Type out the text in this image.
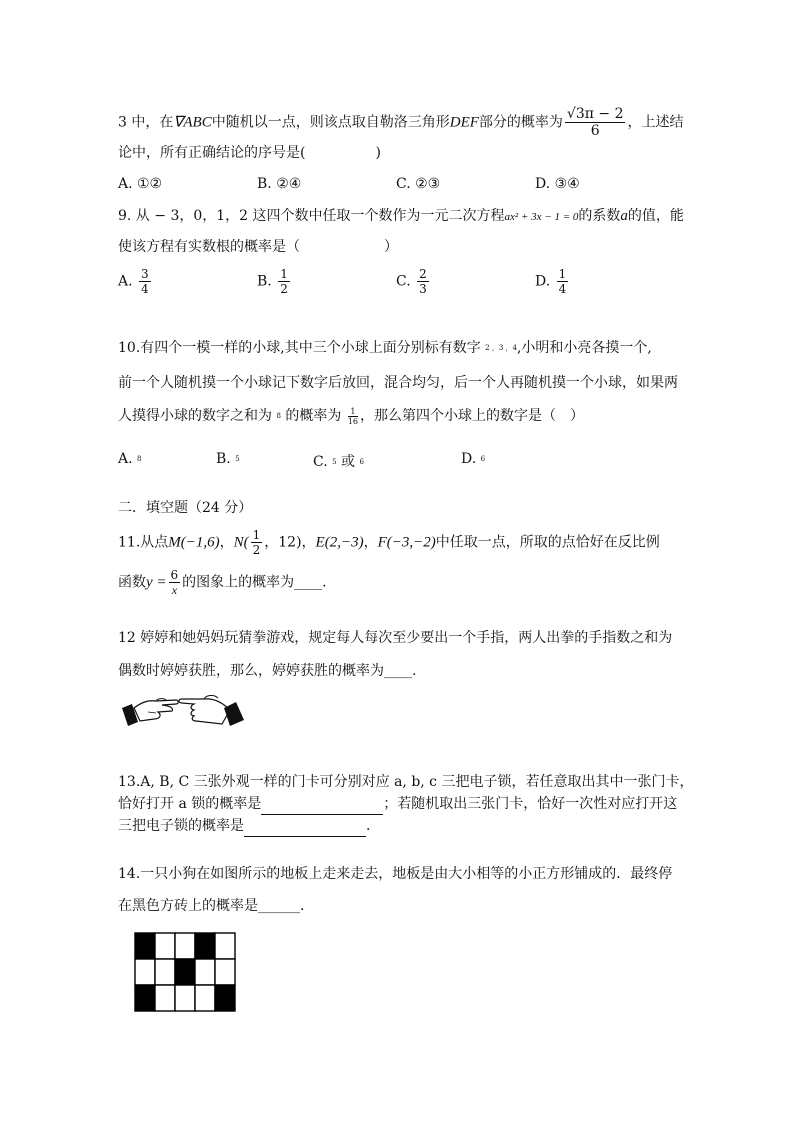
3 中，在∇ABC中随机以一点，则该点取自勒洛三角形DEF部分的概率为 $\frac{√3\pi - 2}{6}$ ，上述结
论中，所有正确结论的序号是(　　　　　)
A. ①②	B. ②④	C. ②③	D. ③④
9. 从 − 3，0，1，2 这四个数中任取一个数作为一元二次方程ax² + 3x − 1 = 0的系数a的值，能
使该方程有实数根的概率是（　　　　　　）
A. $\frac{3}{4}$	B. $\frac{1}{2}$	C. $\frac{2}{3}$	D. $\frac{1}{4}$
10.有四个一模一样的小球,其中三个小球上面分别标有数字 2 ，3 ，4,小明和小亮各摸一个,
前一个人随机摸一个小球记下数字后放回，混合均匀，后一个人再随机摸一个小球，如果两
人摸得小球的数字之和为 8 的概率为 $\frac{1}{16}$ ，那么第四个小球上的数字是（　）
A. 8	B. 5	C. 5 或 6	D. 6
二．填空题（24 分）
11.从点M(−1,6)，$N( \frac{1}{2}$ ，12)，E(2,−3)，F(−3,−2)中任取一点，所取的点恰好在反比例
函数$y = \frac{6}{x}$ 的图象上的概率为____.
12 婷婷和她妈妈玩猜拳游戏，规定每人每次至少要出一个手指，两人出拳的手指数之和为
偶数时婷婷获胜，那么，婷婷获胜的概率为____.
13.A, B, C 三张外观一样的门卡可分别对应 a, b, c 三把电子锁，若任意取出其中一张门卡，
恰好打开 a 锁的概率是	；若随机取出三张门卡，恰好一次性对应打开这
三把电子锁的概率是	.
14.一只小狗在如图所示的地板上走来走去，地板是由大小相等的小正方形铺成的．最终停
在黑色方砖上的概率是______.
